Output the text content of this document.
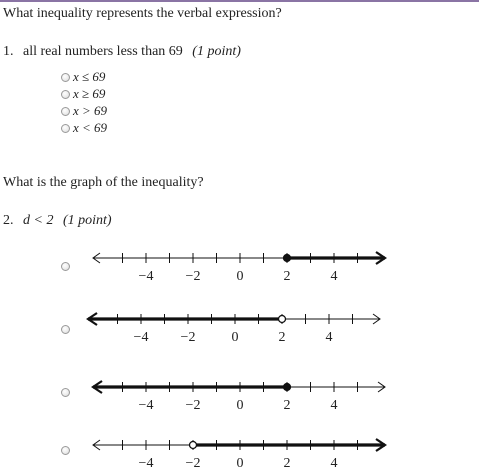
What inequality represents the verbal expression?
1. all real numbers less than 69 (1 point)
x ≤ 69
x ≥ 69
x > 69
x < 69
What is the graph of the inequality?
2. d < 2 (1 point)
−4 −2	0	2	4
−4 −2	0	2	4
−4 −2	0	2	4
−4 −2	0	2	4
